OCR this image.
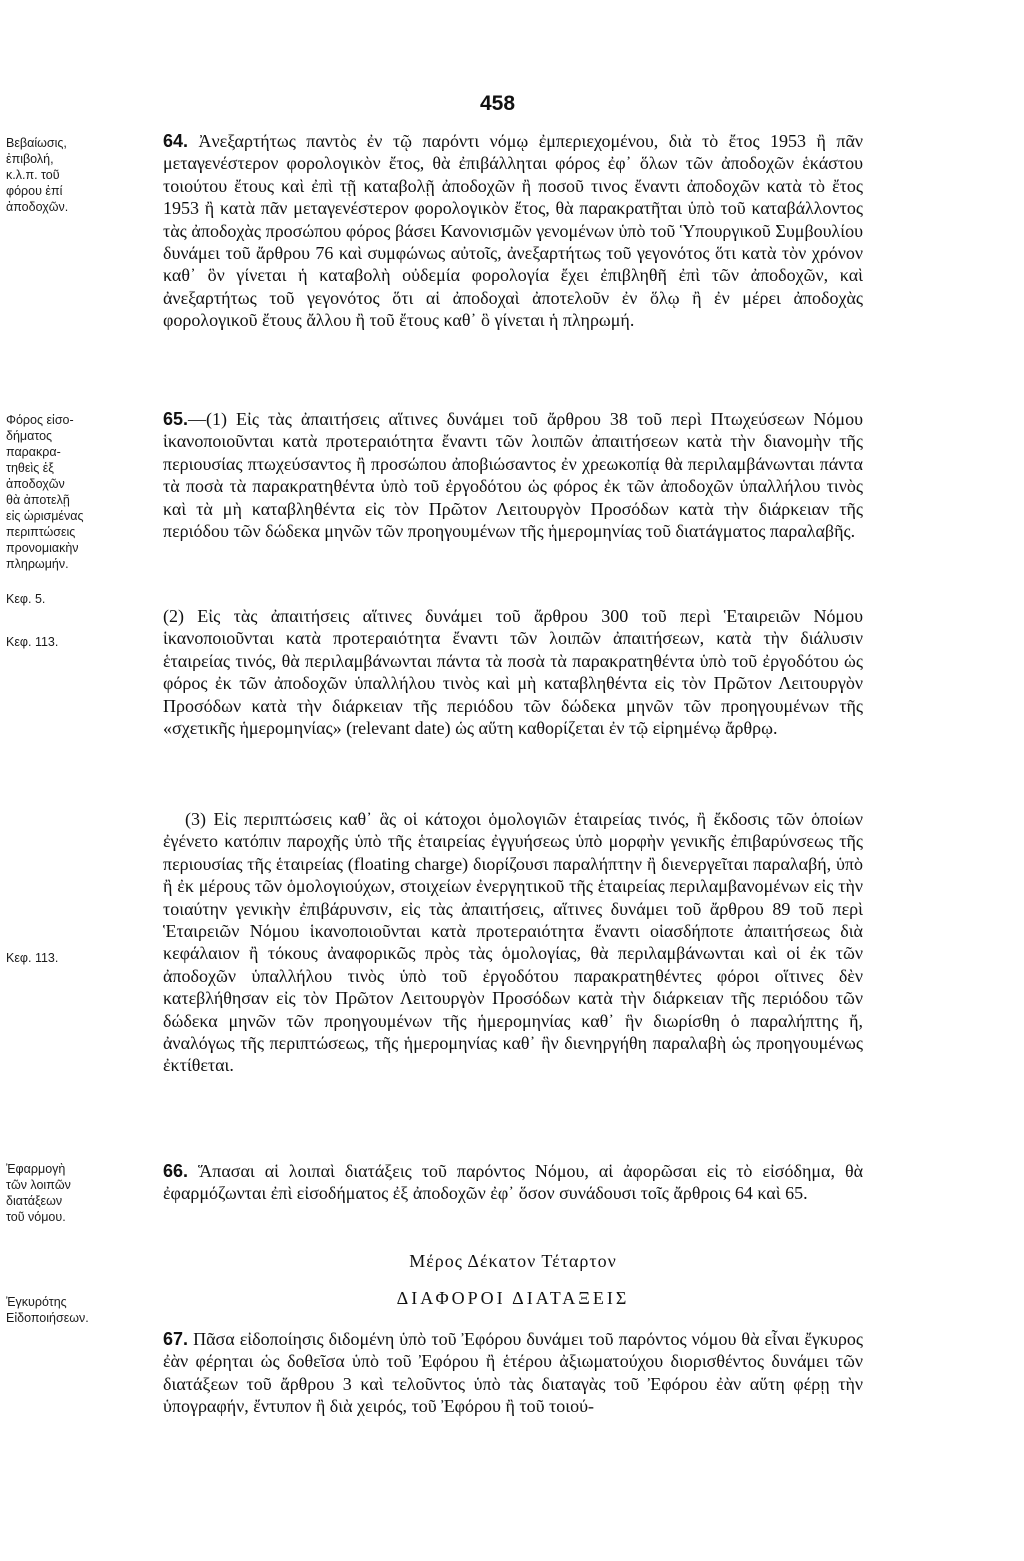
458
Βεβαίωσις,
ἐπιβολή,
κ.λ.π. τοῦ
φόρου ἐπί
ἀποδοχῶν.
Φόρος εἰσο-
δήματος
παρακρα-
τηθεὶς ἐξ
ἀποδοχῶν
θὰ ἀποτελῇ
εἰς ὡρισμένας
περιπτώσεις
προνομιακὴν
πληρωμήν.
Κεφ. 5.
Κεφ. 113.
Κεφ. 113.
Ἐφαρμογὴ
τῶν λοιπῶν
διατάξεων
τοῦ νόμου.
Ἐγκυρότης
Εἰδοποιήσεων.
64. Ἀνεξαρτήτως παντὸς ἐν τῷ παρόντι νόμῳ ἐμπεριεχομένου, διὰ τὸ ἔτος 1953 ἢ πᾶν μεταγενέστερον φορολογικὸν ἔτος, θὰ ἐπιβάλληται φόρος ἐφ᾽ ὅλων τῶν ἀποδοχῶν ἑκάστου τοιούτου ἔτους καὶ ἐπὶ τῇ καταβολῇ ἀποδοχῶν ἢ ποσοῦ τινος ἔναντι ἀποδοχῶν κατὰ τὸ ἔτος 1953 ἢ κατὰ πᾶν μεταγενέστερον φορολογικὸν ἔτος, θὰ παρακρατῆται ὑπὸ τοῦ καταβάλλοντος τὰς ἀποδοχὰς προσώπου φόρος βάσει Κανονισμῶν γενομένων ὑπὸ τοῦ Ὑπουργικοῦ Συμβουλίου δυνάμει τοῦ ἄρθρου 76 καὶ συμφώνως αὐτοῖς, ἀνεξαρτήτως τοῦ γεγονότος ὅτι κατὰ τὸν χρόνον καθ᾽ ὃν γίνεται ἡ καταβολὴ οὐδεμία φορολογία ἔχει ἐπιβληθῆ ἐπὶ τῶν ἀποδοχῶν, καὶ ἀνεξαρτήτως τοῦ γεγονότος ὅτι αἱ ἀποδοχαὶ ἀποτελοῦν ἐν ὅλῳ ἢ ἐν μέρει ἀποδοχὰς φορολογικοῦ ἔτους ἄλλου ἢ τοῦ ἔτους καθ᾽ ὃ γίνεται ἡ πληρωμή.
65.—(1) Εἰς τὰς ἀπαιτήσεις αἵτινες δυνάμει τοῦ ἄρθρου 38 τοῦ περὶ Πτωχεύσεων Νόμου ἱκανοποιοῦνται κατὰ προτεραιότητα ἔναντι τῶν λοιπῶν ἀπαιτήσεων κατὰ τὴν διανομὴν τῆς περιουσίας πτωχεύσαντος ἢ προσώπου ἀποβιώσαντος ἐν χρεωκοπίᾳ θὰ περιλαμβάνωνται πάντα τὰ ποσὰ τὰ παρακρατηθέντα ὑπὸ τοῦ ἐργοδότου ὡς φόρος ἐκ τῶν ἀποδοχῶν ὑπαλλήλου τινὸς καὶ τὰ μὴ καταβληθέντα εἰς τὸν Πρῶτον Λειτουργὸν Προσόδων κατὰ τὴν διάρκειαν τῆς περιόδου τῶν δώδεκα μηνῶν τῶν προηγουμένων τῆς ἡμερομηνίας τοῦ διατάγματος παραλαβῆς.
(2) Εἰς τὰς ἀπαιτήσεις αἵτινες δυνάμει τοῦ ἄρθρου 300 τοῦ περὶ Ἑταιρειῶν Νόμου ἱκανοποιοῦνται κατὰ προτεραιότητα ἔναντι τῶν λοιπῶν ἀπαιτήσεων, κατὰ τὴν διάλυσιν ἑταιρείας τινός, θὰ περιλαμβάνωνται πάντα τὰ ποσὰ τὰ παρακρατηθέντα ὑπὸ τοῦ ἐργοδότου ὡς φόρος ἐκ τῶν ἀποδοχῶν ὑπαλλήλου τινὸς καὶ μὴ καταβληθέντα εἰς τὸν Πρῶτον Λειτουργὸν Προσόδων κατὰ τὴν διάρκειαν τῆς περιόδου τῶν δώδεκα μηνῶν τῶν προηγουμένων τῆς «σχετικῆς ἡμερομηνίας» (relevant date) ὡς αὕτη καθορίζεται ἐν τῷ εἰρημένῳ ἄρθρῳ.
(3) Εἰς περιπτώσεις καθ᾽ ἃς οἱ κάτοχοι ὁμολογιῶν ἑταιρείας τινός, ἢ ἔκδοσις τῶν ὁποίων ἐγένετο κατόπιν παροχῆς ὑπὸ τῆς ἑταιρείας ἐγγυήσεως ὑπὸ μορφὴν γενικῆς ἐπιβαρύνσεως τῆς περιουσίας τῆς ἑταιρείας (floating charge) διορίζουσι παραλήπτην ἢ διενεργεῖται παραλαβή, ὑπὸ ἢ ἐκ μέρους τῶν ὁμολογιούχων, στοιχείων ἐνεργητικοῦ τῆς ἑταιρείας περιλαμβανομένων εἰς τὴν τοιαύτην γενικὴν ἐπιβάρυνσιν, εἰς τὰς ἀπαιτήσεις, αἵτινες δυνάμει τοῦ ἄρθρου 89 τοῦ περὶ Ἑταιρειῶν Νόμου ἱκανοποιοῦνται κατὰ προτεραιότητα ἔναντι οἱασδήποτε ἀπαιτήσεως διὰ κεφάλαιον ἢ τόκους ἀναφορικῶς πρὸς τὰς ὁμολογίας, θὰ περιλαμβάνωνται καὶ οἱ ἐκ τῶν ἀποδοχῶν ὑπαλλήλου τινὸς ὑπὸ τοῦ ἐργοδότου παρακρατηθέντες φόροι οἵτινες δὲν κατεβλήθησαν εἰς τὸν Πρῶτον Λειτουργὸν Προσόδων κατὰ τὴν διάρκειαν τῆς περιόδου τῶν δώδεκα μηνῶν τῶν προηγουμένων τῆς ἡμερομηνίας καθ᾽ ἣν διωρίσθη ὁ παραλήπτης ἤ, ἀναλόγως τῆς περιπτώσεως, τῆς ἡμερομηνίας καθ᾽ ἣν διενηργήθη παραλαβὴ ὡς προηγουμένως ἐκτίθεται.
66. Ἅπασαι αἱ λοιπαὶ διατάξεις τοῦ παρόντος Νόμου, αἱ ἀφορῶσαι εἰς τὸ εἰσόδημα, θὰ ἐφαρμόζωνται ἐπὶ εἰσοδήματος ἐξ ἀποδοχῶν ἐφ᾽ ὅσον συνάδουσι τοῖς ἄρθροις 64 καὶ 65.
Μέρος Δέκατον Τέταρτον
ΔΙΑΦΟΡΟΙ ΔΙΑΤΑΞΕΙΣ
67. Πᾶσα εἰδοποίησις διδομένη ὑπὸ τοῦ Ἐφόρου δυνάμει τοῦ παρόντος νόμου θὰ εἶναι ἔγκυρος ἐὰν φέρηται ὡς δοθεῖσα ὑπὸ τοῦ Ἐφόρου ἢ ἑτέρου ἀξιωματούχου διορισθέντος δυνάμει τῶν διατάξεων τοῦ ἄρθρου 3 καὶ τελοῦντος ὑπὸ τὰς διαταγὰς τοῦ Ἐφόρου ἐὰν αὕτη φέρῃ τὴν ὑπογραφήν, ἔντυπον ἢ διὰ χειρός, τοῦ Ἐφόρου ἢ τοῦ τοιού-
